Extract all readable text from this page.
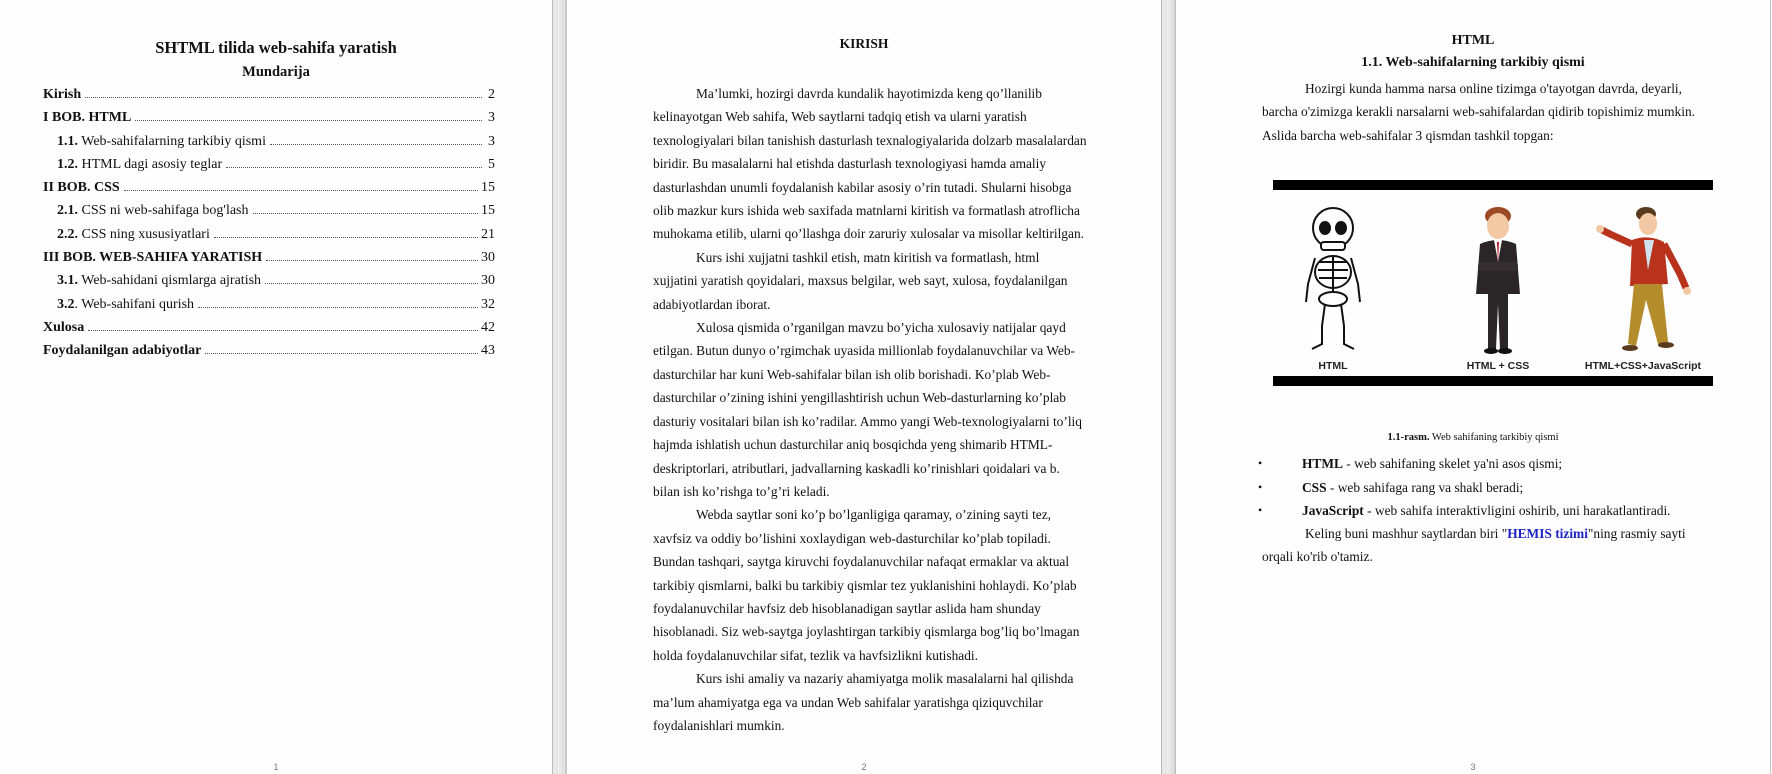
SHTML tilida web-sahifa yaratish
Mundarija
Kirish	2
I BOB. HTML	3
1.1. Web-sahifalarning tarkibiy qismi	3
1.2. HTML dagi asosiy teglar	5
II BOB. CSS	15
2.1. CSS ni web-sahifaga bog'lash	15
2.2. CSS ning xususiyatlari	21
III BOB. WEB-SAHIFA YARATISH	30
3.1. Web-sahidani qismlarga ajratish	30
3.2. Web-sahifani qurish	32
Xulosa	42
Foydalanilgan adabiyotlar	43
1
KIRISH

Ma’lumki, hozirgi davrda kundalik hayotimizda keng qo’llanilib kelinayotgan Web sahifa, Web saytlarni tadqiq etish va ularni yaratish texnologiyalari bilan tanishish dasturlash texnalogiyalarida dolzarb masalalardan biridir. Bu masalalarni hal etishda dasturlash texnologiyasi hamda amaliy dasturlashdan unumli foydalanish kabilar asosiy o’rin tutadi. Shularni hisobga olib mazkur kurs ishida web saxifada matnlarni kiritish va formatlash atroflicha muhokama etilib, ularni qo’llashga doir zaruriy xulosalar va misollar keltirilgan.

Kurs ishi xujjatni tashkil etish, matn kiritish va formatlash, html xujjatini yaratish qoyidalari, maxsus belgilar, web sayt, xulosa, foydalanilgan adabiyotlardan iborat.

Xulosa qismida o’rganilgan mavzu bo’yicha xulosaviy natijalar qayd etilgan. Butun dunyo o’rgimchak uyasida millionlab foydalanuvchilar va Web-dasturchilar har kuni Web-sahifalar bilan ish olib borishadi. Ko’plab Web-dasturchilar o’zining ishini yengillashtirish uchun Web-dasturlarning ko’plab dasturiy vositalari bilan ish ko’radilar. Ammo yangi Web-texnologiyalarni to’liq hajmda ishlatish uchun dasturchilar aniq bosqichda yeng shimarib HTML-deskriptorlari, atributlari, jadvallarning kaskadli ko’rinishlari qoidalari va b. bilan ish ko’rishga to’g’ri keladi.

Webda saytlar soni ko’p bo’lganligiga qaramay, o’zining sayti tez, xavfsiz va oddiy bo’lishini xoxlaydigan web-dasturchilar ko’plab topiladi. Bundan tashqari, saytga kiruvchi foydalanuvchilar nafaqat ermaklar va aktual tarkibiy qismlarni, balki bu tarkibiy qismlar tez yuklanishini hohlaydi. Ko’plab foydalanuvchilar havfsiz deb hisoblanadigan saytlar aslida ham shunday hisoblanadi. Siz web-saytga joylashtirgan tarkibiy qismlarga bog’liq bo’lmagan holda foydalanuvchilar sifat, tezlik va havfsizlikni kutishadi.

Kurs ishi amaliy va nazariy ahamiyatga molik masalalarni hal qilishda ma’lum ahamiyatga ega va undan Web sahifalar yaratishga qiziquvchilar foydalanishlari mumkin.

2
HTML
1.1. Web-sahifalarning tarkibiy qismi

Hozirgi kunda hamma narsa online tizimga o'tayotgan davrda, deyarli, barcha o'zimizga kerakli narsalarni web-sahifalardan qidirib topishimiz mumkin. Aslida barcha web-sahifalar 3 qismdan tashkil topgan:

HTML	HTML + CSS	HTML+CSS+JavaScript
1.1-rasm. Web sahifaning tarkibiy qismi
•	HTML - web sahifaning skelet ya'ni asos qismi;
•	CSS - web sahifaga rang va shakl beradi;
•	JavaScript - web sahifa interaktivligini oshirib, uni harakatlantiradi.

Keling buni mashhur saytlardan biri "HEMIS tizimi"ning rasmiy sayti orqali ko'rib o'tamiz.

3
